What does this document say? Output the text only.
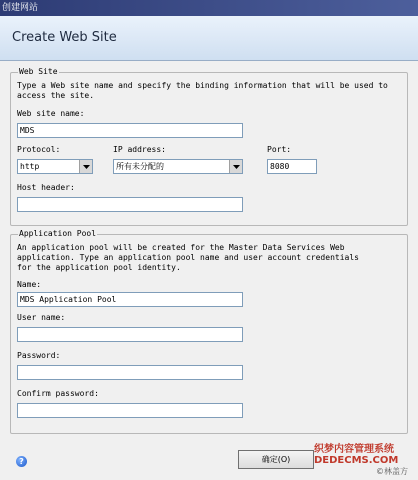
创建网站
Create Web Site
Web Site
Type a Web site name and specify the binding information that will be used to
access the site.
Web site name:
MDS
Protocol:
http
IP address:
所有未分配的
Port:
8080
Host header:
Application Pool
An application pool will be created for the Master Data Services Web
application. Type an application pool name and user account credentials
for the application pool identity.
Name:
MDS Application Pool
User name:
Password:
Confirm password:
?	确定(O)
织梦内容管理系统
DEDECMS.COM
©林盖方
